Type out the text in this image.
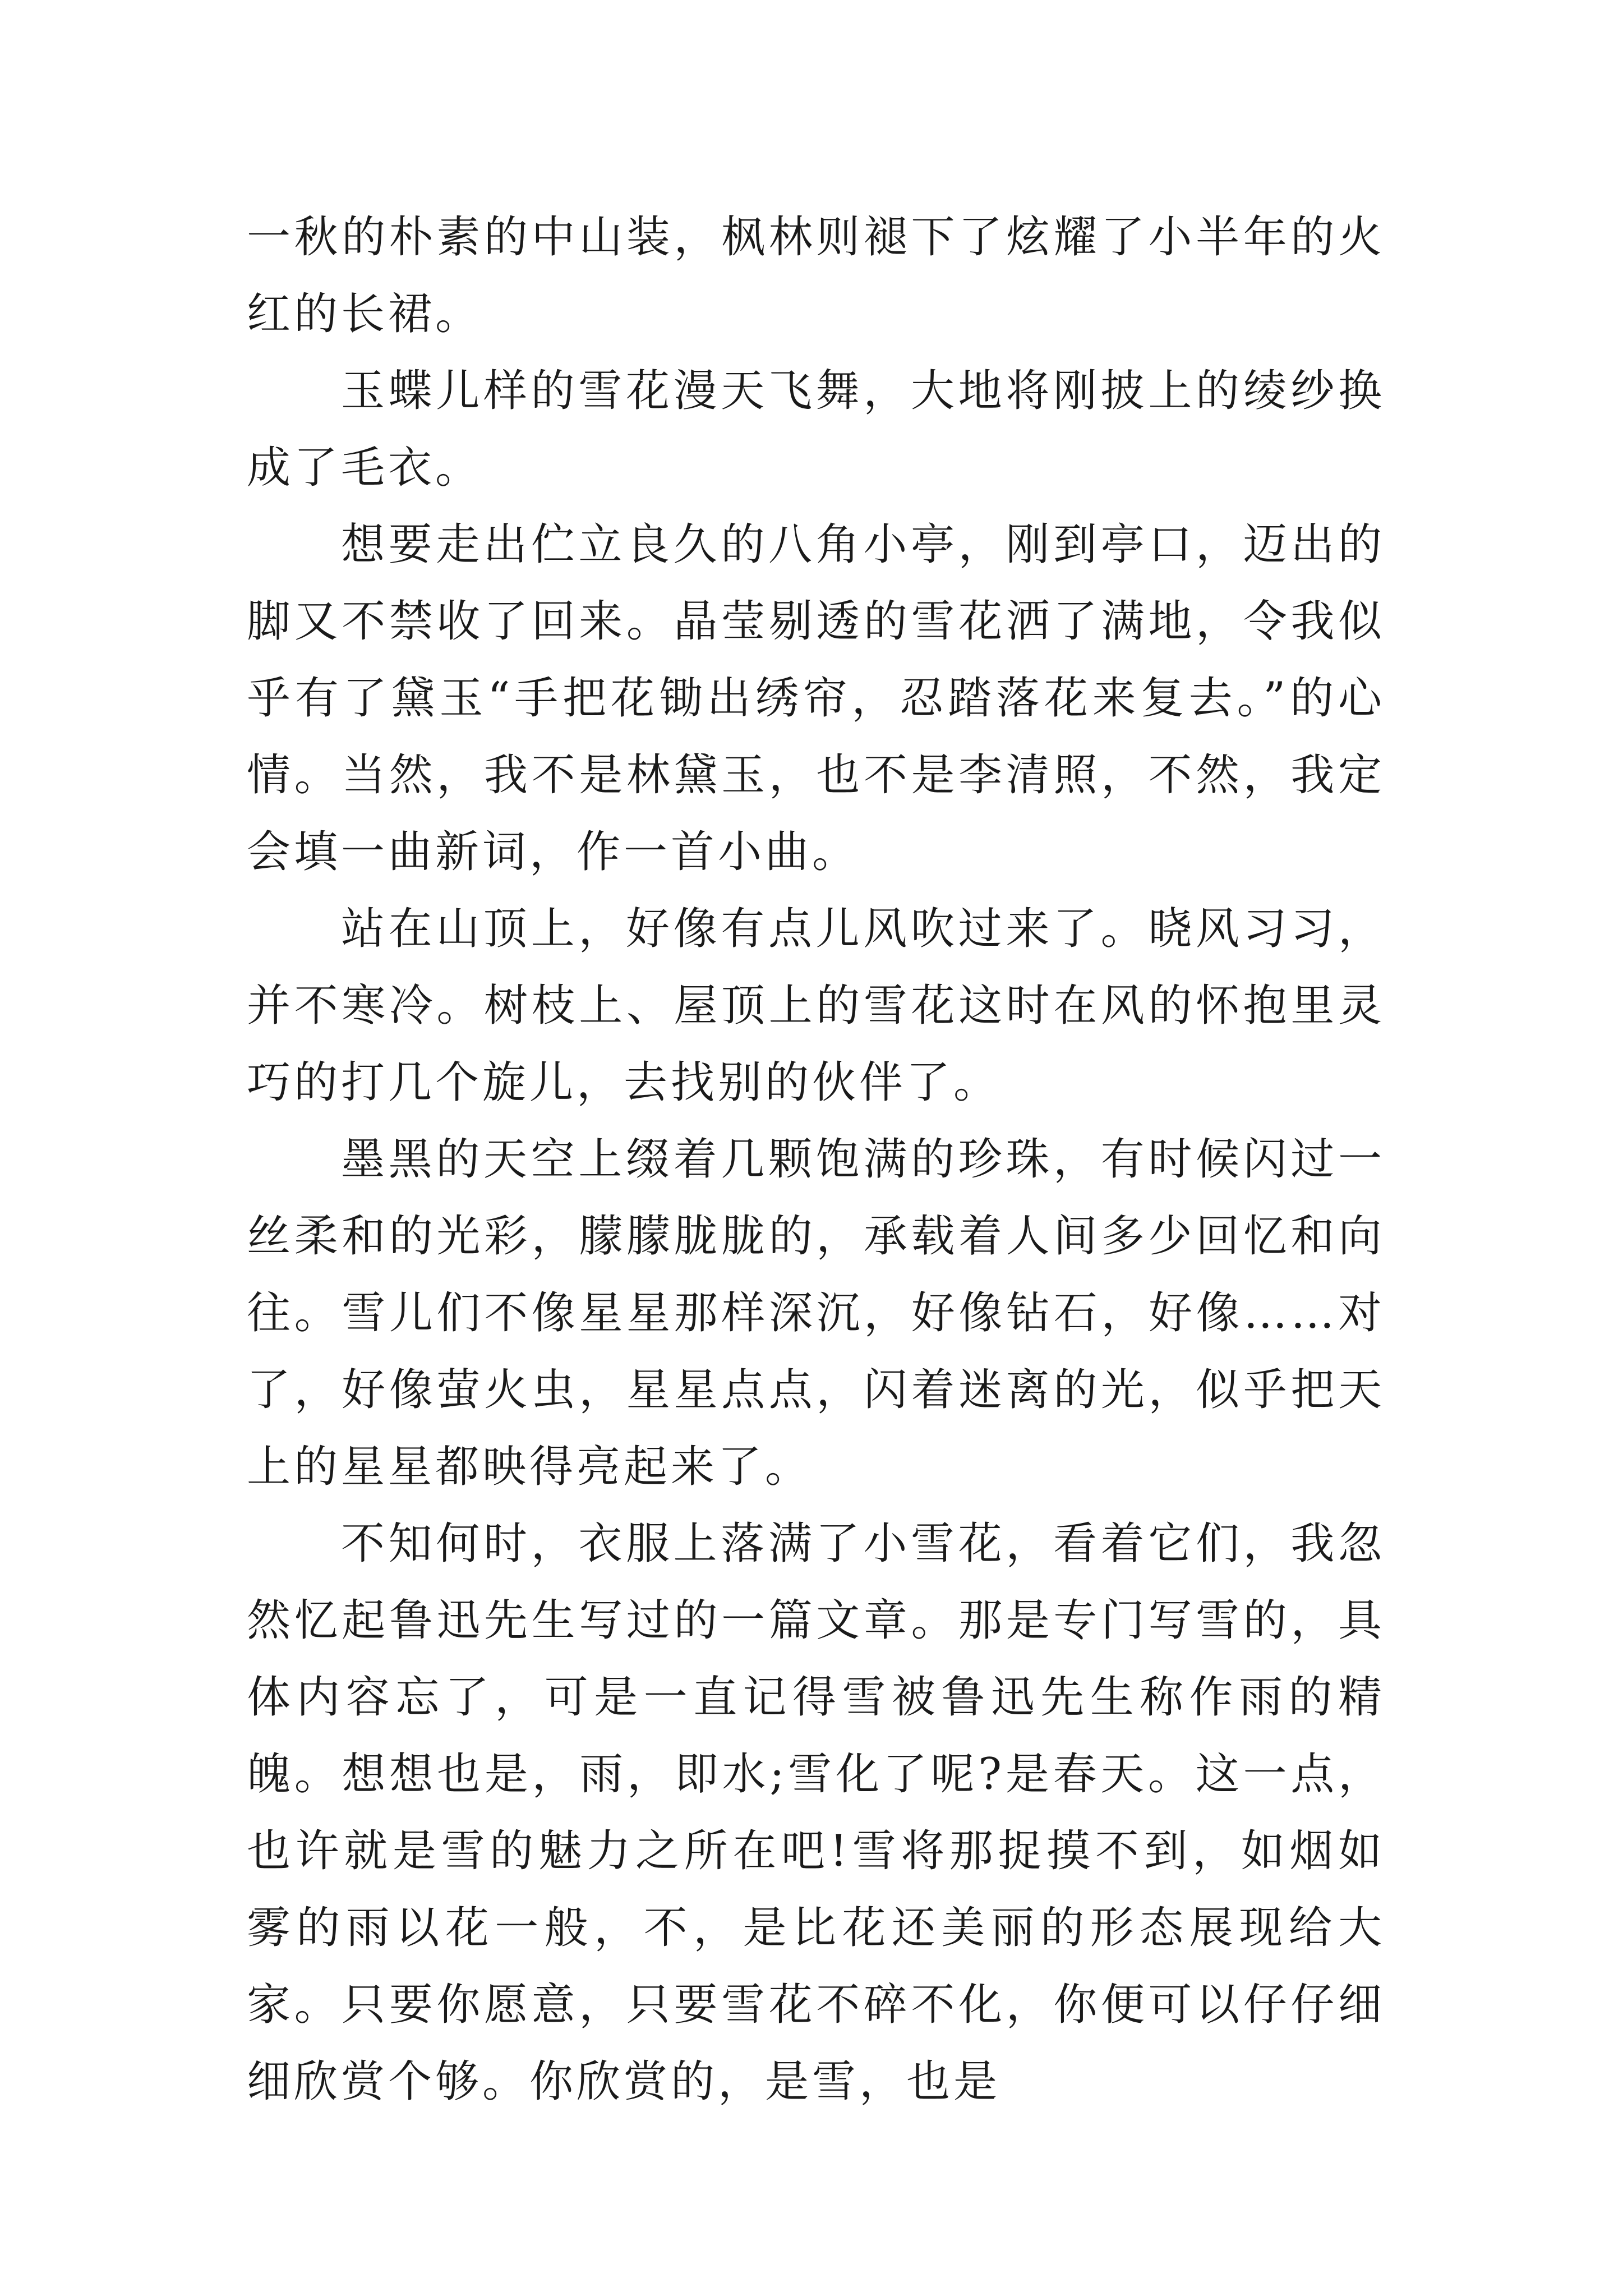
一秋的朴素的中山装，枫林则褪下了炫耀了小半年的火红的长裙。

玉蝶儿样的雪花漫天飞舞，大地将刚披上的绫纱换成了毛衣。

想要走出伫立良久的八角小亭，刚到亭口，迈出的脚又不禁收了回来。晶莹剔透的雪花洒了满地，令我似乎有了黛玉“手把花锄出绣帘，忍踏落花来复去。”的心情。当然，我不是林黛玉，也不是李清照，不然，我定会填一曲新词，作一首小曲。

站在山顶上，好像有点儿风吹过来了。晓风习习，并不寒冷。树枝上、屋顶上的雪花这时在风的怀抱里灵巧的打几个旋儿，去找别的伙伴了。

墨黑的天空上缀着几颗饱满的珍珠，有时候闪过一丝柔和的光彩，朦朦胧胧的，承载着人间多少回忆和向往。雪儿们不像星星那样深沉，好像钻石，好像……对了，好像萤火虫，星星点点，闪着迷离的光，似乎把天上的星星都映得亮起来了。

不知何时，衣服上落满了小雪花，看着它们，我忽然忆起鲁迅先生写过的一篇文章。那是专门写雪的，具体内容忘了，可是一直记得雪被鲁迅先生称作雨的精魄。想想也是，雨，即水;雪化了呢?是春天。这一点，也许就是雪的魅力之所在吧!雪将那捉摸不到，如烟如雾的雨以花一般，不，是比花还美丽的形态展现给大家。只要你愿意，只要雪花不碎不化，你便可以仔仔细细欣赏个够。你欣赏的，是雪，也是
